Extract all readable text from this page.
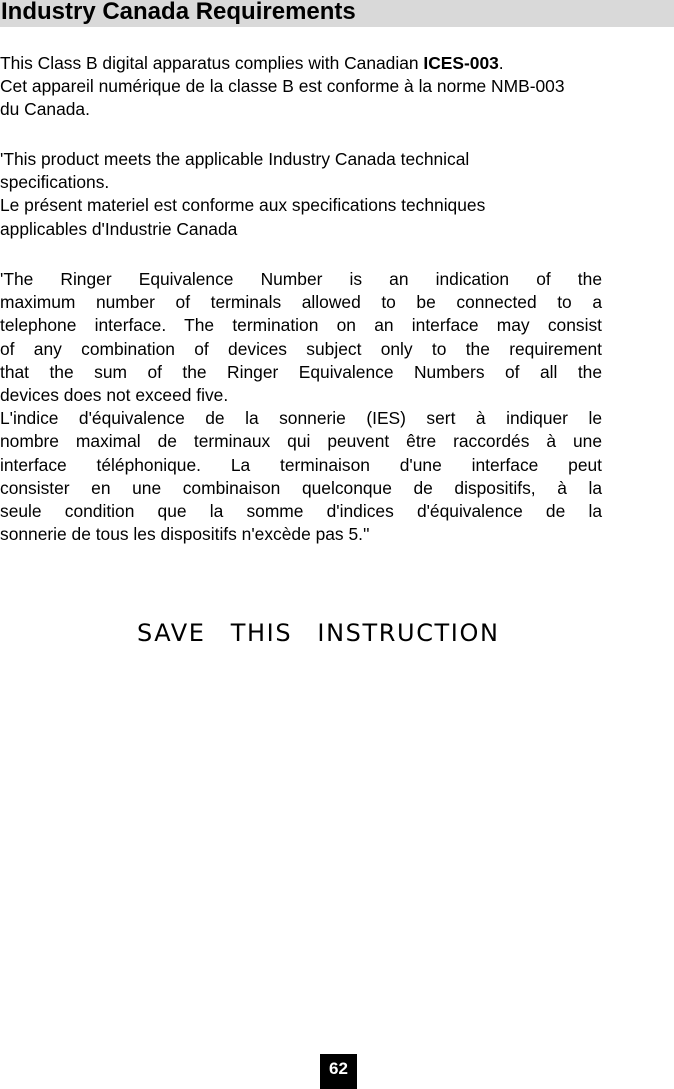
Industry Canada Requirements
This Class B digital apparatus complies with Canadian ICES-003.
Cet appareil numérique de la classe B est conforme à la norme NMB-003
du Canada.
'This product meets the applicable Industry Canada technical
specifications.
Le présent materiel est conforme aux specifications techniques
applicables d'Industrie Canada
'The Ringer Equivalence Number is an indication of the
maximum number of terminals allowed to be connected to a
telephone interface. The termination on an interface may consist
of any combination of devices subject only to the requirement
that the sum of the Ringer Equivalence Numbers of all the
devices does not exceed five.
L'indice d'équivalence de la sonnerie (IES) sert à indiquer le
nombre maximal de terminaux qui peuvent être raccordés à une
interface téléphonique. La terminaison d'une interface peut
consister en une combinaison quelconque de dispositifs, à la
seule condition que la somme d'indices d'équivalence de la
sonnerie de tous les dispositifs n'excède pas 5.''
SAVE THIS INSTRUCTION
62
